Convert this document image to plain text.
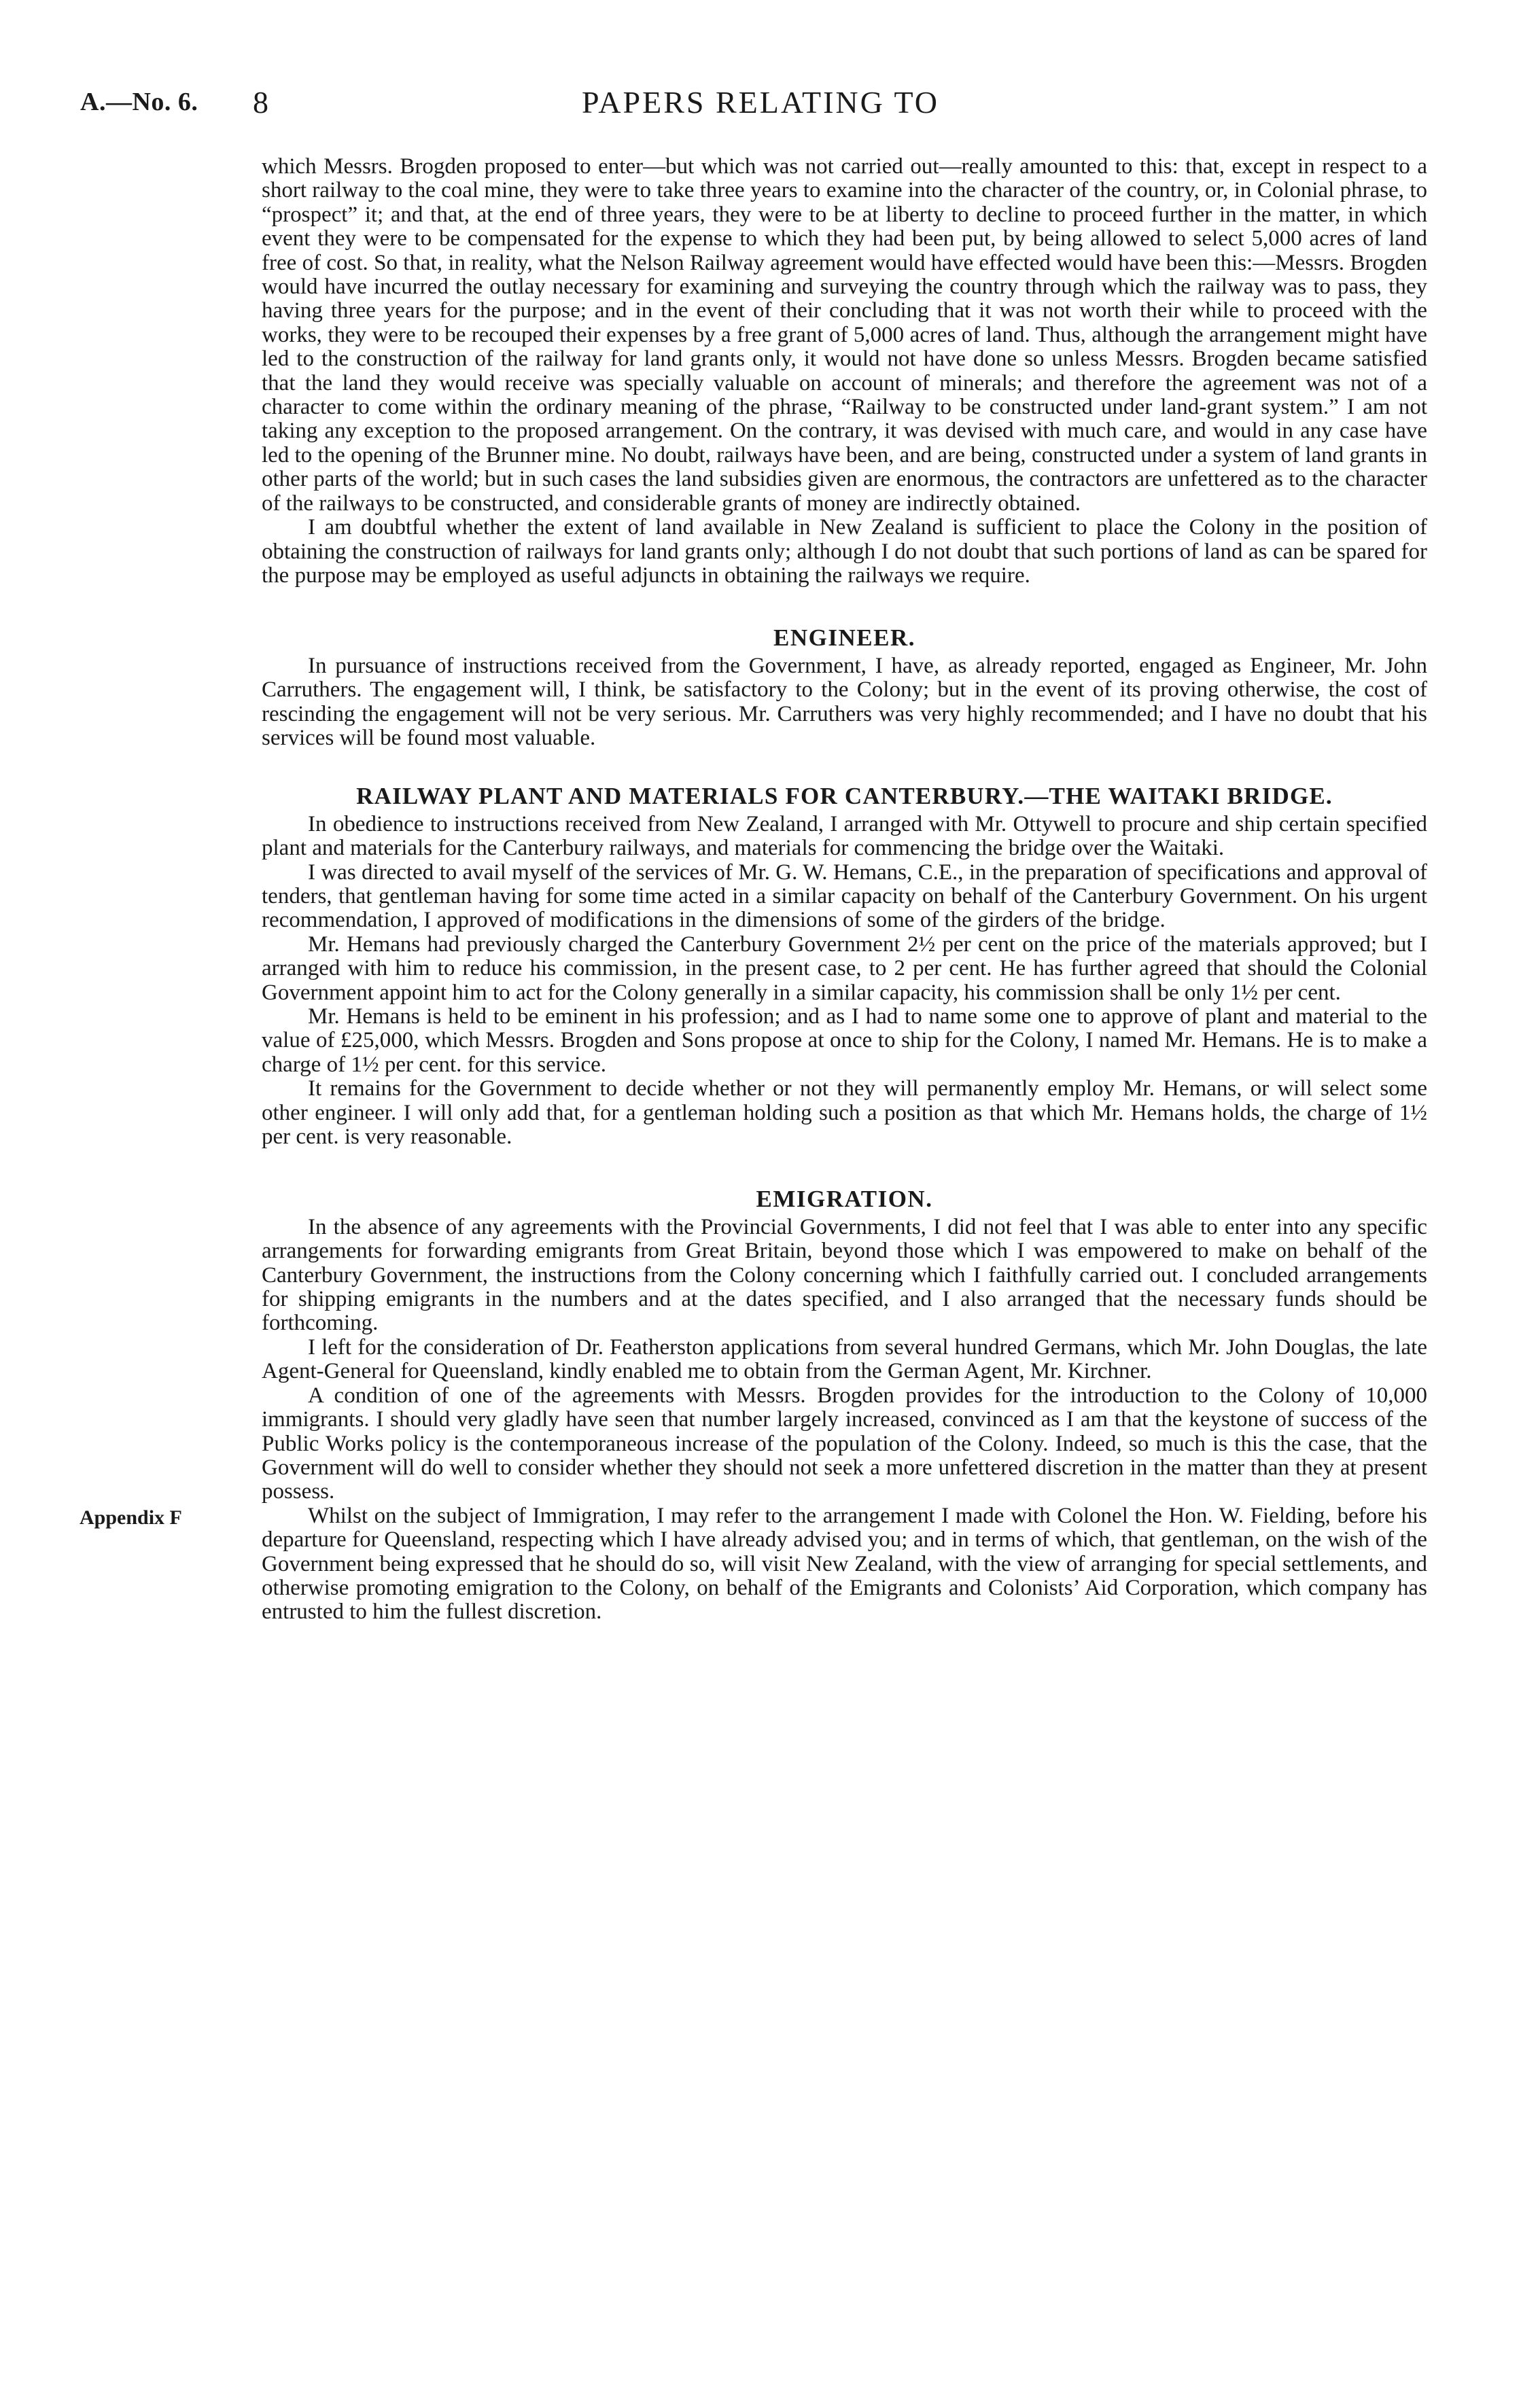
A.—No. 6. 8	PAPERS RELATING TO

which Messrs. Brogden proposed to enter—but which was not carried out—really amounted to this: that, except in respect to a short railway to the coal mine, they were to take three years to examine into the character of the country, or, in Colonial phrase, to “prospect” it; and that, at the end of three years, they were to be at liberty to decline to proceed further in the matter, in which event they were to be compensated for the expense to which they had been put, by being allowed to select 5,000 acres of land free of cost. So that, in reality, what the Nelson Railway agreement would have effected would have been this:—Messrs. Brogden would have incurred the outlay necessary for examining and surveying the country through which the railway was to pass, they having three years for the purpose; and in the event of their concluding that it was not worth their while to proceed with the works, they were to be recouped their expenses by a free grant of 5,000 acres of land. Thus, although the arrangement might have led to the construction of the railway for land grants only, it would not have done so unless Messrs. Brogden became satisfied that the land they would receive was specially valuable on account of minerals; and therefore the agreement was not of a character to come within the ordinary meaning of the phrase, “Railway to be constructed under land-grant system.” I am not taking any exception to the proposed arrangement. On the contrary, it was devised with much care, and would in any case have led to the opening of the Brunner mine. No doubt, railways have been, and are being, constructed under a system of land grants in other parts of the world; but in such cases the land subsidies given are enormous, the contractors are unfettered as to the character of the railways to be constructed, and considerable grants of money are indirectly obtained.

I am doubtful whether the extent of land available in New Zealand is sufficient to place the Colony in the position of obtaining the construction of railways for land grants only; although I do not doubt that such portions of land as can be spared for the purpose may be employed as useful adjuncts in obtaining the railways we require.

ENGINEER.

In pursuance of instructions received from the Government, I have, as already reported, engaged as Engineer, Mr. John Carruthers. The engagement will, I think, be satisfactory to the Colony; but in the event of its proving otherwise, the cost of rescinding the engagement will not be very serious. Mr. Carruthers was very highly recommended; and I have no doubt that his services will be found most valuable.

RAILWAY PLANT AND MATERIALS FOR CANTERBURY.—THE WAITAKI BRIDGE.

In obedience to instructions received from New Zealand, I arranged with Mr. Ottywell to procure and ship certain specified plant and materials for the Canterbury railways, and materials for commencing the bridge over the Waitaki.

I was directed to avail myself of the services of Mr. G. W. Hemans, C.E., in the preparation of specifications and approval of tenders, that gentleman having for some time acted in a similar capacity on behalf of the Canterbury Government. On his urgent recommendation, I approved of modifications in the dimensions of some of the girders of the bridge.

Mr. Hemans had previously charged the Canterbury Government 2½ per cent on the price of the materials approved; but I arranged with him to reduce his commission, in the present case, to 2 per cent. He has further agreed that should the Colonial Government appoint him to act for the Colony generally in a similar capacity, his commission shall be only 1½ per cent.

Mr. Hemans is held to be eminent in his profession; and as I had to name some one to approve of plant and material to the value of £25,000, which Messrs. Brogden and Sons propose at once to ship for the Colony, I named Mr. Hemans. He is to make a charge of 1½ per cent. for this service.

It remains for the Government to decide whether or not they will permanently employ Mr. Hemans, or will select some other engineer. I will only add that, for a gentleman holding such a position as that which Mr. Hemans holds, the charge of 1½ per cent. is very reasonable.

EMIGRATION.

In the absence of any agreements with the Provincial Governments, I did not feel that I was able to enter into any specific arrangements for forwarding emigrants from Great Britain, beyond those which I was empowered to make on behalf of the Canterbury Government, the instructions from the Colony concerning which I faithfully carried out. I concluded arrangements for shipping emigrants in the numbers and at the dates specified, and I also arranged that the necessary funds should be forthcoming.

I left for the consideration of Dr. Featherston applications from several hundred Germans, which Mr. John Douglas, the late Agent-General for Queensland, kindly enabled me to obtain from the German Agent, Mr. Kirchner.

A condition of one of the agreements with Messrs. Brogden provides for the introduction to the Colony of 10,000 immigrants. I should very gladly have seen that number largely increased, convinced as I am that the keystone of success of the Public Works policy is the contemporaneous increase of the population of the Colony. Indeed, so much is this the case, that the Government will do well to consider whether they should not seek a more unfettered discretion in the matter than they at present possess.

Appendix F	Whilst on the subject of Immigration, I may refer to the arrangement I made with Colonel the Hon. W. Fielding, before his departure for Queensland, respecting which I have already advised you; and in terms of which, that gentleman, on the wish of the Government being expressed that he should do so, will visit New Zealand, with the view of arranging for special settlements, and otherwise promoting emigration to the Colony, on behalf of the Emigrants and Colonists’ Aid Corporation, which company has entrusted to him the fullest discretion.
